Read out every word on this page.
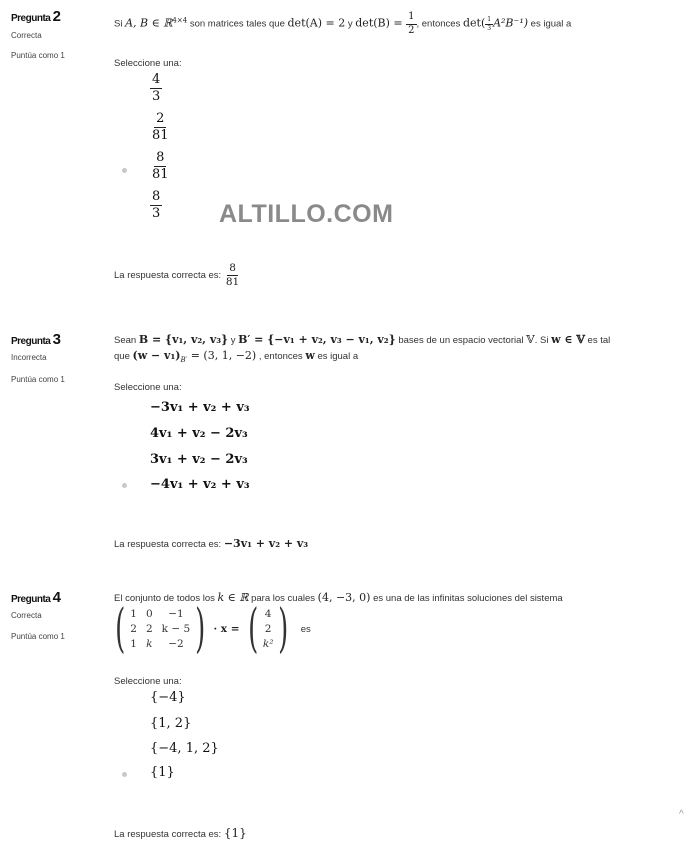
Pregunta 2
Correcta
Puntúa como 1
Si A, B ∈ ℝ$^{4\times 4}$ son matrices tales que det(A) = 2 y $\det(B) = \frac{1}{2}$ , entonces $\det( \frac{1}{3} A^2B^{-1})$ es igual a
Seleccione una:
$\frac{4}{3}$
$\frac{2}{81}$
$\frac{8}{81}$
$\frac{8}{3}$ ALTILLO.COM
La respuesta correcta es: $\frac{8}{81}$
Pregunta 3
Incorrecta
Puntúa como 1
Sean B = {v₁, v₂, v₃} y B′ = {−v₁ + v₂, v₃ − v₁, v₂} bases de un espacio vectorial 𝕍. Si w ∈ 𝕍 es tal
que $(w - v_1)_{B'} = (3$, 1, −2) , entonces w es igual a
Seleccione una:
−3v₁ + v₂ + v₃
4v₁ + v₂ − 2v₃
3v₁ + v₂ − 2v₃
−4v₁ + v₂ + v₃
La respuesta correcta es: −3v₁ + v₂ + v₃
Pregunta 4
Correcta
Puntúa como 1
El conjunto de todos los k ∈ ℝ para los cuales (4, −3, 0) es una de las infinitas soluciones del sistema
( 1 0	−1
2 2 k − 5
1 k	−2 ) · x = ( 4
2
k² ) es
Seleccione una:
{−4}
{1, 2}
{−4, 1, 2}
{1}
^
La respuesta correcta es: {1}
